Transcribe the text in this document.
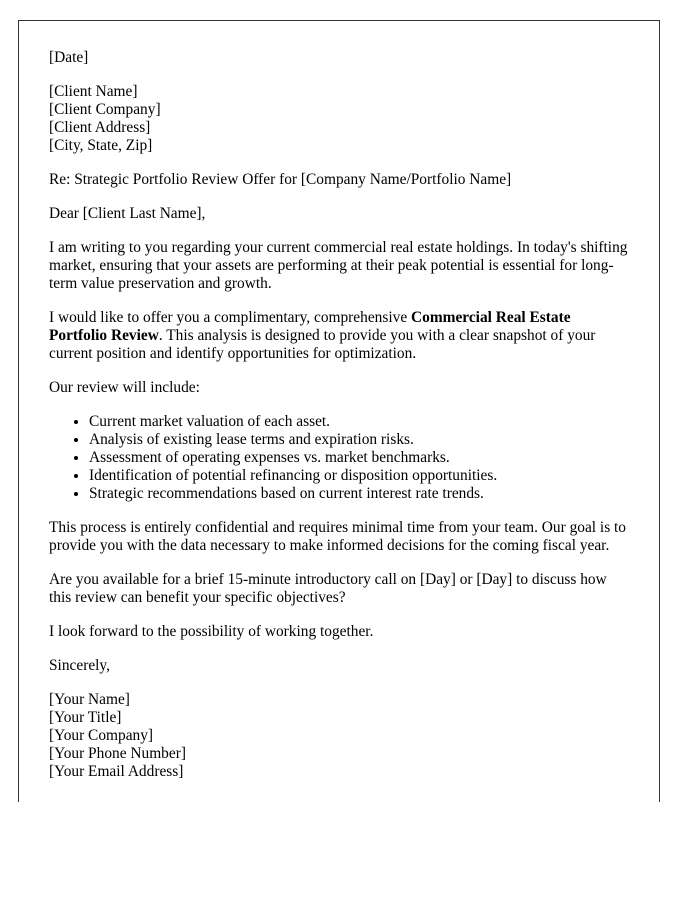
[Date]
[Client Name]
[Client Company]
[Client Address]
[City, State, Zip]

Re: Strategic Portfolio Review Offer for [Company Name/Portfolio Name]

Dear [Client Last Name],

I am writing to you regarding your current commercial real estate holdings. In today's shifting market, ensuring that your assets are performing at their peak potential is essential for long-term value preservation and growth.

I would like to offer you a complimentary, comprehensive Commercial Real Estate Portfolio Review. This analysis is designed to provide you with a clear snapshot of your current position and identify opportunities for optimization.

Our review will include:

• Current market valuation of each asset.
• Analysis of existing lease terms and expiration risks.
• Assessment of operating expenses vs. market benchmarks.
• Identification of potential refinancing or disposition opportunities.
• Strategic recommendations based on current interest rate trends.

This process is entirely confidential and requires minimal time from your team. Our goal is to provide you with the data necessary to make informed decisions for the coming fiscal year.

Are you available for a brief 15-minute introductory call on [Day] or [Day] to discuss how this review can benefit your specific objectives?

I look forward to the possibility of working together.

Sincerely,

[Your Name]
[Your Title]
[Your Company]
[Your Phone Number]
[Your Email Address]
